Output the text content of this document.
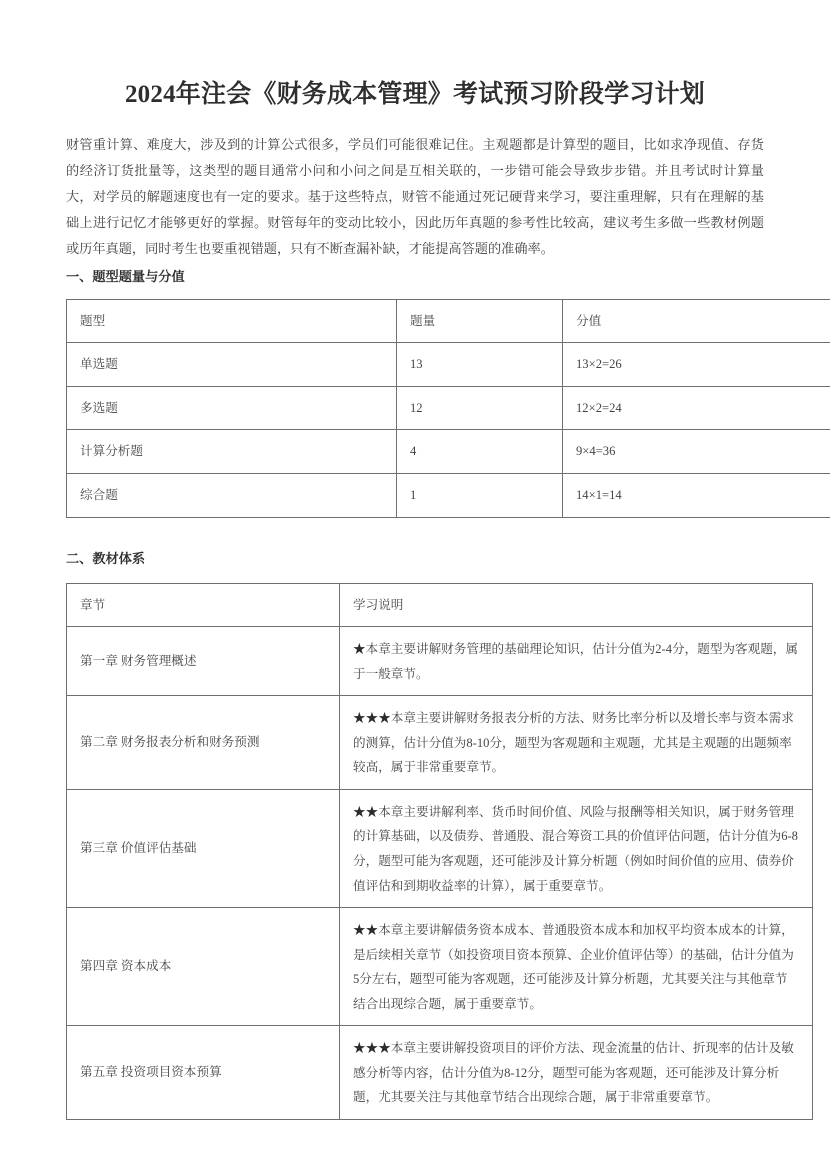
2024年注会《财务成本管理》考试预习阶段学习计划

财管重计算、难度大，涉及到的计算公式很多，学员们可能很难记住。主观题都是计算型的题目，比如求净现值、存货的经济订货批量等，这类型的题目通常小问和小问之间是互相关联的，一步错可能会导致步步错。并且考试时计算量大，对学员的解题速度也有一定的要求。基于这些特点，财管不能通过死记硬背来学习，要注重理解，只有在理解的基础上进行记忆才能够更好的掌握。财管每年的变动比较小，因此历年真题的参考性比较高，建议考生多做一些教材例题或历年真题，同时考生也要重视错题，只有不断查漏补缺，才能提高答题的准确率。

一、题型题量与分值
题型	题量	分值
单选题	13	13×2=26
多选题	12	12×2=24
计算分析题	4	9×4=36
综合题	1	14×1=14
二、教材体系
章节	学习说明
第一章 财务管理概述	★本章主要讲解财务管理的基础理论知识，估计分值为2-4分，题型为客观题，属于一般章节。
第二章 财务报表分析和财务预测	★★★本章主要讲解财务报表分析的方法、财务比率分析以及增长率与资本需求的测算，估计分值为8-10分，题型为客观题和主观题，尤其是主观题的出题频率较高，属于非常重要章节。
第三章 价值评估基础	★★本章主要讲解利率、货币时间价值、风险与报酬等相关知识，属于财务管理的计算基础，以及债券、普通股、混合筹资工具的价值评估问题，估计分值为6-8分，题型可能为客观题，还可能涉及计算分析题（例如时间价值的应用、债券价值评估和到期收益率的计算），属于重要章节。
第四章 资本成本	★★本章主要讲解债务资本成本、普通股资本成本和加权平均资本成本的计算，是后续相关章节（如投资项目资本预算、企业价值评估等）的基础，估计分值为5分左右，题型可能为客观题，还可能涉及计算分析题，尤其要关注与其他章节结合出现综合题，属于重要章节。
第五章 投资项目资本预算	★★★本章主要讲解投资项目的评价方法、现金流量的估计、折现率的估计及敏感分析等内容，估计分值为8-12分，题型可能为客观题，还可能涉及计算分析题，尤其要关注与其他章节结合出现综合题，属于非常重要章节。
